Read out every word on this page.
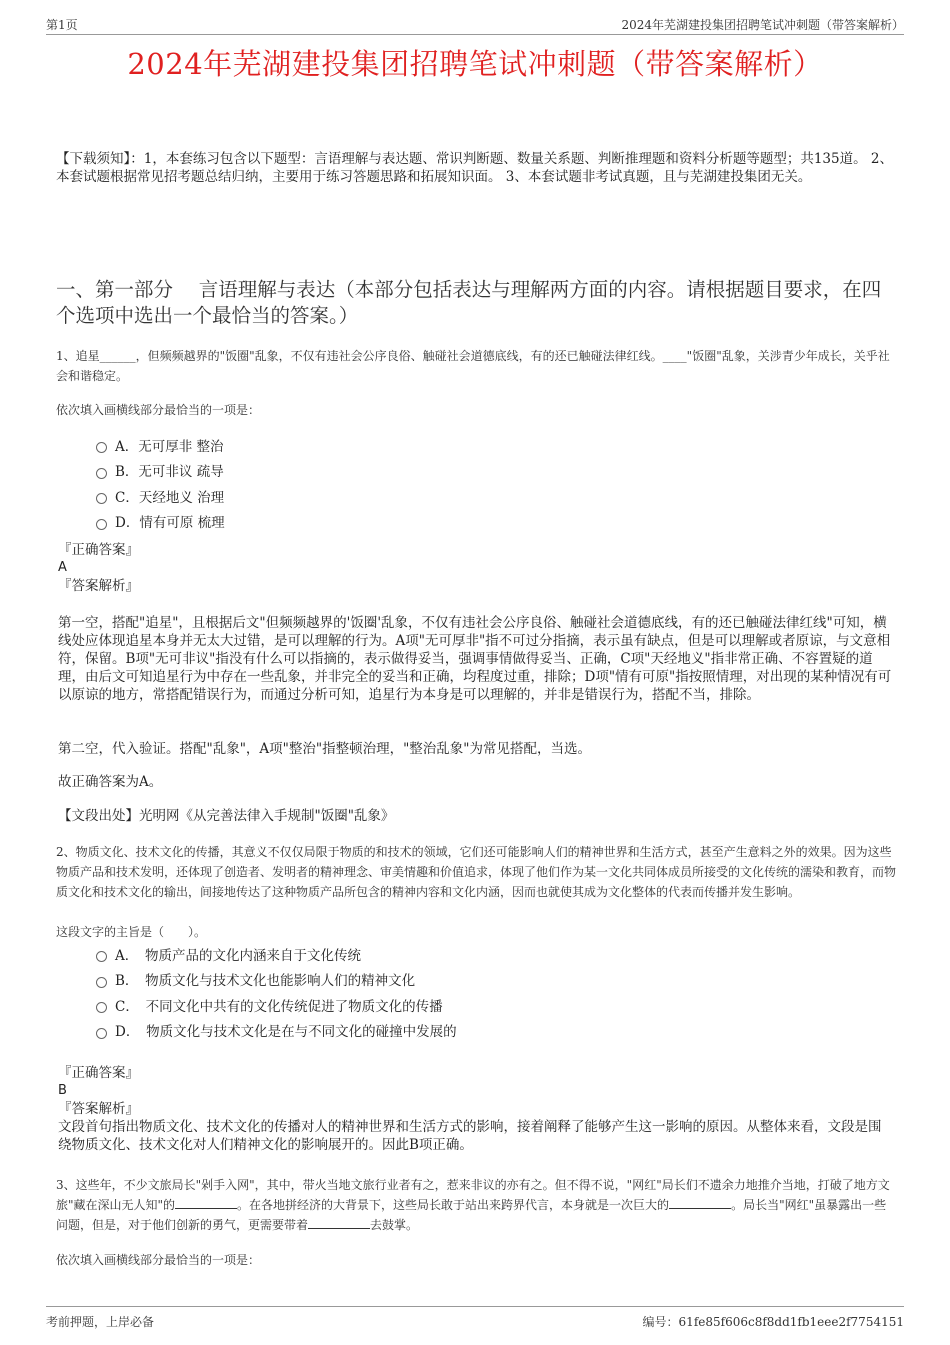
第1页	2024年芜湖建投集团招聘笔试冲刺题（带答案解析）
2024年芜湖建投集团招聘笔试冲刺题（带答案解析）
【下载须知】：1，本套练习包含以下题型：言语理解与表达题、常识判断题、数量关系题、判断推理题和资料分析题等题型；共135道。 2、本套试题根据常见招考题总结归纳，主要用于练习答题思路和拓展知识面。 3、本套试题非考试真题，且与芜湖建投集团无关。
一、第一部分　 言语理解与表达（本部分包括表达与理解两方面的内容。请根据题目要求，在四个选项中选出一个最恰当的答案。）
1、追星______，但频频越界的"饭圈"乱象，不仅有违社会公序良俗、触碰社会道德底线，有的还已触碰法律红线。____"饭圈"乱象，关涉青少年成长，关乎社会和谐稳定。
依次填入画横线部分最恰当的一项是：
A．无可厚非 整治
B．无可非议 疏导
C．天经地义 治理
D．情有可原 梳理

『正确答案』

A

『答案解析』

第一空，搭配"追星"，且根据后文"但频频越界的'饭圈'乱象，不仅有违社会公序良俗、触碰社会道德底线，有的还已触碰法律红线"可知，横线处应体现追星本身并无太大过错，是可以理解的行为。A项"无可厚非"指不可过分指摘，表示虽有缺点，但是可以理解或者原谅，与文意相符，保留。B项"无可非议"指没有什么可以指摘的，表示做得妥当，强调事情做得妥当、正确，C项"天经地义"指非常正确、不容置疑的道理，由后文可知追星行为中存在一些乱象，并非完全的妥当和正确，均程度过重，排除；D项"情有可原"指按照情理，对出现的某种情况有可以原谅的地方，常搭配错误行为，而通过分析可知，追星行为本身是可以理解的，并非是错误行为，搭配不当，排除。
第二空，代入验证。搭配"乱象"，A项"整治"指整顿治理，"整治乱象"为常见搭配，当选。
故正确答案为A。
【文段出处】光明网《从完善法律入手规制"饭圈"乱象》
2、物质文化、技术文化的传播，其意义不仅仅局限于物质的和技术的领域，它们还可能影响人们的精神世界和生活方式，甚至产生意料之外的效果。因为这些物质产品和技术发明，还体现了创造者、发明者的精神理念、审美情趣和价值追求，体现了他们作为某一文化共同体成员所接受的文化传统的濡染和教育，而物质文化和技术文化的输出，间接地传达了这种物质产品所包含的精神内容和文化内涵，因而也就使其成为文化整体的代表而传播并发生影响。
这段文字的主旨是（　　）。
A．　物质产品的文化内涵来自于文化传统
B．　物质文化与技术文化也能影响人们的精神文化
C．　不同文化中共有的文化传统促进了物质文化的传播
D．　物质文化与技术文化是在与不同文化的碰撞中发展的

『正确答案』

B

『答案解析』

文段首句指出物质文化、技术文化的传播对人的精神世界和生活方式的影响，接着阐释了能够产生这一影响的原因。从整体来看，文段是围绕物质文化、技术文化对人们精神文化的影响展开的。因此B项正确。

3、这些年，不少文旅局长"剁手入网"，其中，带火当地文旅行业者有之，惹来非议的亦有之。但不得不说，"网红"局长们不遗余力地推介当地，打破了地方文旅"藏在深山无人知"的	。在各地拼经济的大背景下，这些局长敢于站出来跨界代言，本身就是一次巨大的	。局长当"网红"虽暴露出一些问题，但是，对于他们创新的勇气，更需要带着	去鼓掌。
依次填入画横线部分最恰当的一项是：
考前押题，上岸必备	编号：61fe85f606c8f8dd1fb1eee2f7754151
